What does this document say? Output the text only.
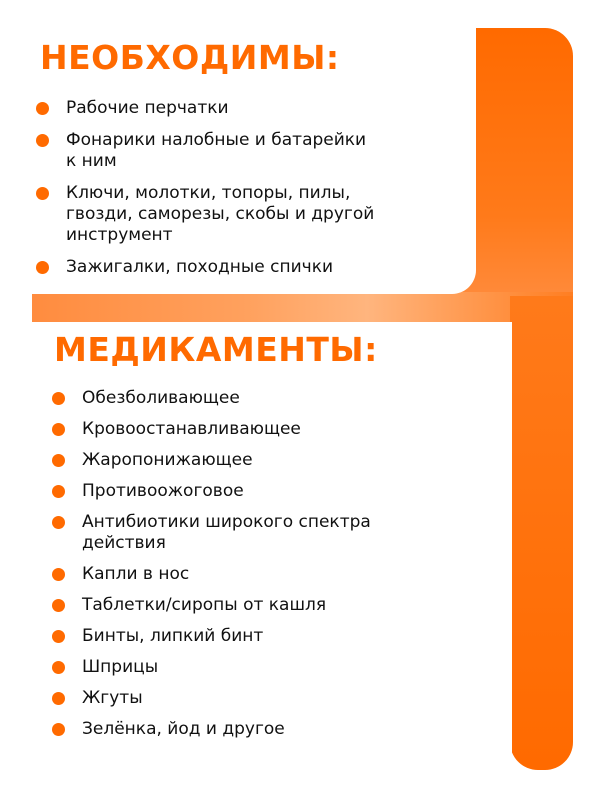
НЕОБХОДИМЫ:
Рабочие перчатки
Фонарики налобные и батарейки
к ним
Ключи, молотки, топоры, пилы,
гвозди, саморезы, скобы и другой
инструмент
Зажигалки, походные спички
МЕДИКАМЕНТЫ:
Обезболивающее
Кровоостанавливающее
Жаропонижающее
Противоожоговое
Антибиотики широкого спектра
действия
Капли в нос
Таблетки/сиропы от кашля
Бинты, липкий бинт
Шприцы
Жгуты
Зелёнка, йод и другое
